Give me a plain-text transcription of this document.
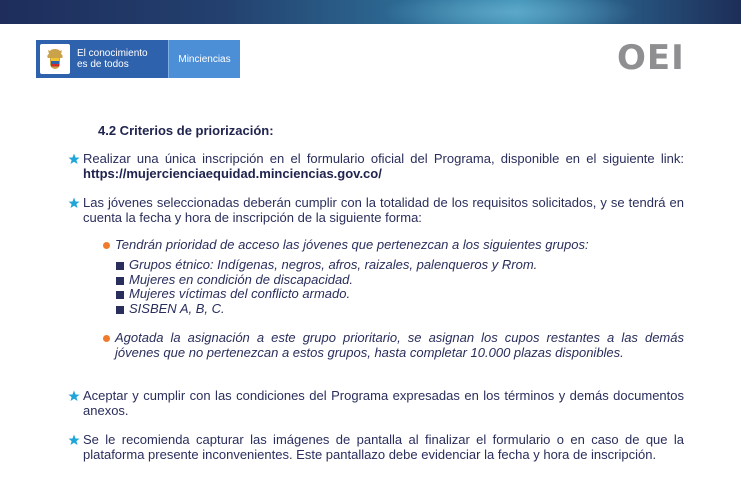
El conocimiento
es de todos	Minciencias	OEI
4.2 Criterios de priorización:
Realizar una única inscripción en el formulario oficial del Programa, disponible en el siguiente link: https://mujercienciaequidad.minciencias.gov.co/
Las jóvenes seleccionadas deberán cumplir con la totalidad de los requisitos solicitados, y se tendrá en cuenta la fecha y hora de inscripción de la siguiente forma:
Tendrán prioridad de acceso las jóvenes que pertenezcan a los siguientes grupos:
Grupos étnico: Indígenas, negros, afros, raizales, palenqueros y Rrom.
Mujeres en condición de discapacidad.
Mujeres víctimas del conflicto armado.
SISBEN A, B, C.
Agotada la asignación a este grupo prioritario, se asignan los cupos restantes a las demás jóvenes que no pertenezcan a estos grupos, hasta completar 10.000 plazas disponibles.
Aceptar y cumplir con las condiciones del Programa expresadas en los términos y demás documentos anexos.
Se le recomienda capturar las imágenes de pantalla al finalizar el formulario o en caso de que la plataforma presente inconvenientes. Este pantallazo debe evidenciar la fecha y hora de inscripción.
